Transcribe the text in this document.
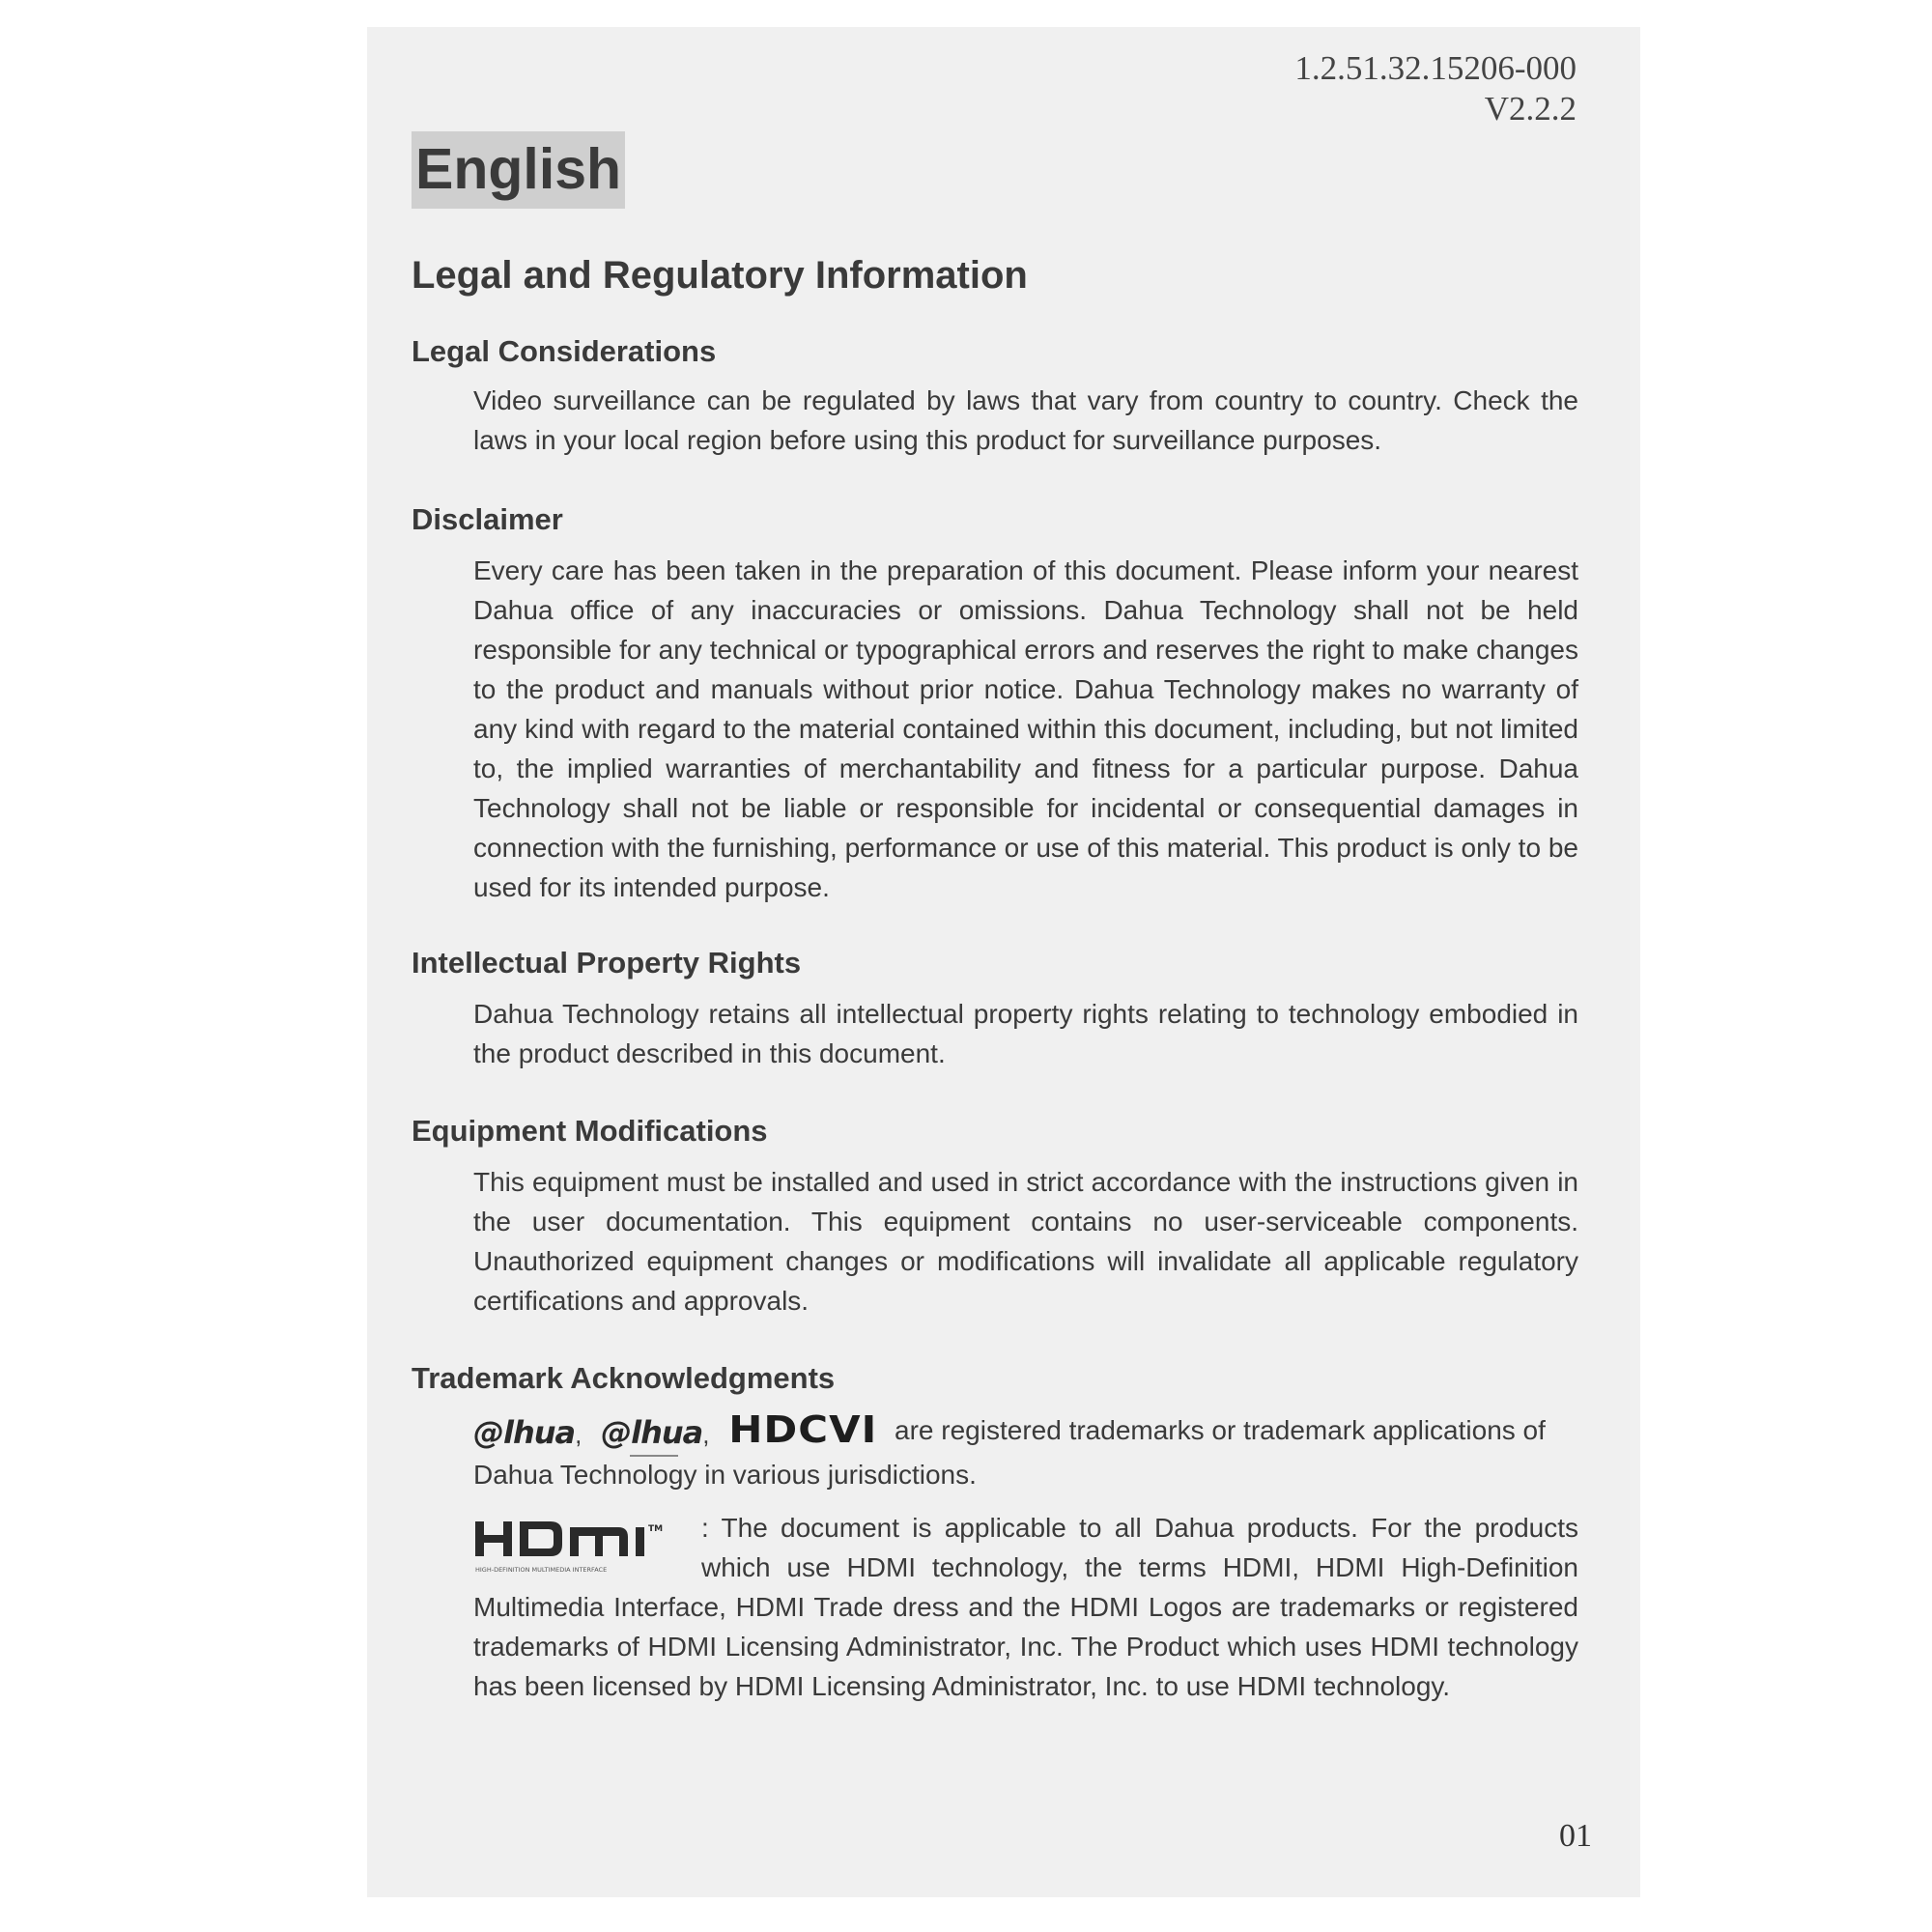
1.2.51.32.15206-000
V2.2.2
English
Legal and Regulatory Information
Legal Considerations

Video surveillance can be regulated by laws that vary from country to country. Check the laws in your local region before using this product for surveillance purposes.

Disclaimer

Every care has been taken in the preparation of this document. Please inform your nearest Dahua office of any inaccuracies or omissions. Dahua Technology shall not be held responsible for any technical or typographical errors and reserves the right to make changes to the product and manuals without prior notice. Dahua Technology makes no warranty of any kind with regard to the material contained within this document, including, but not limited to, the implied warranties of merchantability and fitness for a particular purpose. Dahua Technology shall not be liable or responsible for incidental or consequential damages in connection with the furnishing, performance or use of this material. This product is only to be used for its intended purpose.

Intellectual Property Rights

Dahua Technology retains all intellectual property rights relating to technology embodied in the product described in this document.

Equipment Modifications

This equipment must be installed and used in strict accordance with the instructions given in the user documentation. This equipment contains no user-serviceable components. Unauthorized equipment changes or modifications will invalidate all applicable regulatory certifications and approvals.

Trademark Acknowledgments
@lhua, @lhua, HDCVI are registered trademarks or trademark applications of Dahua Technology in various jurisdictions.
TM
HIGH-DEFINITION MULTIMEDIA INTERFACE
: The document is applicable to all Dahua products. For the products which use HDMI technology, the terms HDMI, HDMI High-Definition Multimedia Interface, HDMI Trade dress and the HDMI Logos are trademarks or registered trademarks of HDMI Licensing Administrator, Inc. The Product which uses HDMI technology has been licensed by HDMI Licensing Administrator, Inc. to use HDMI technology.
01
